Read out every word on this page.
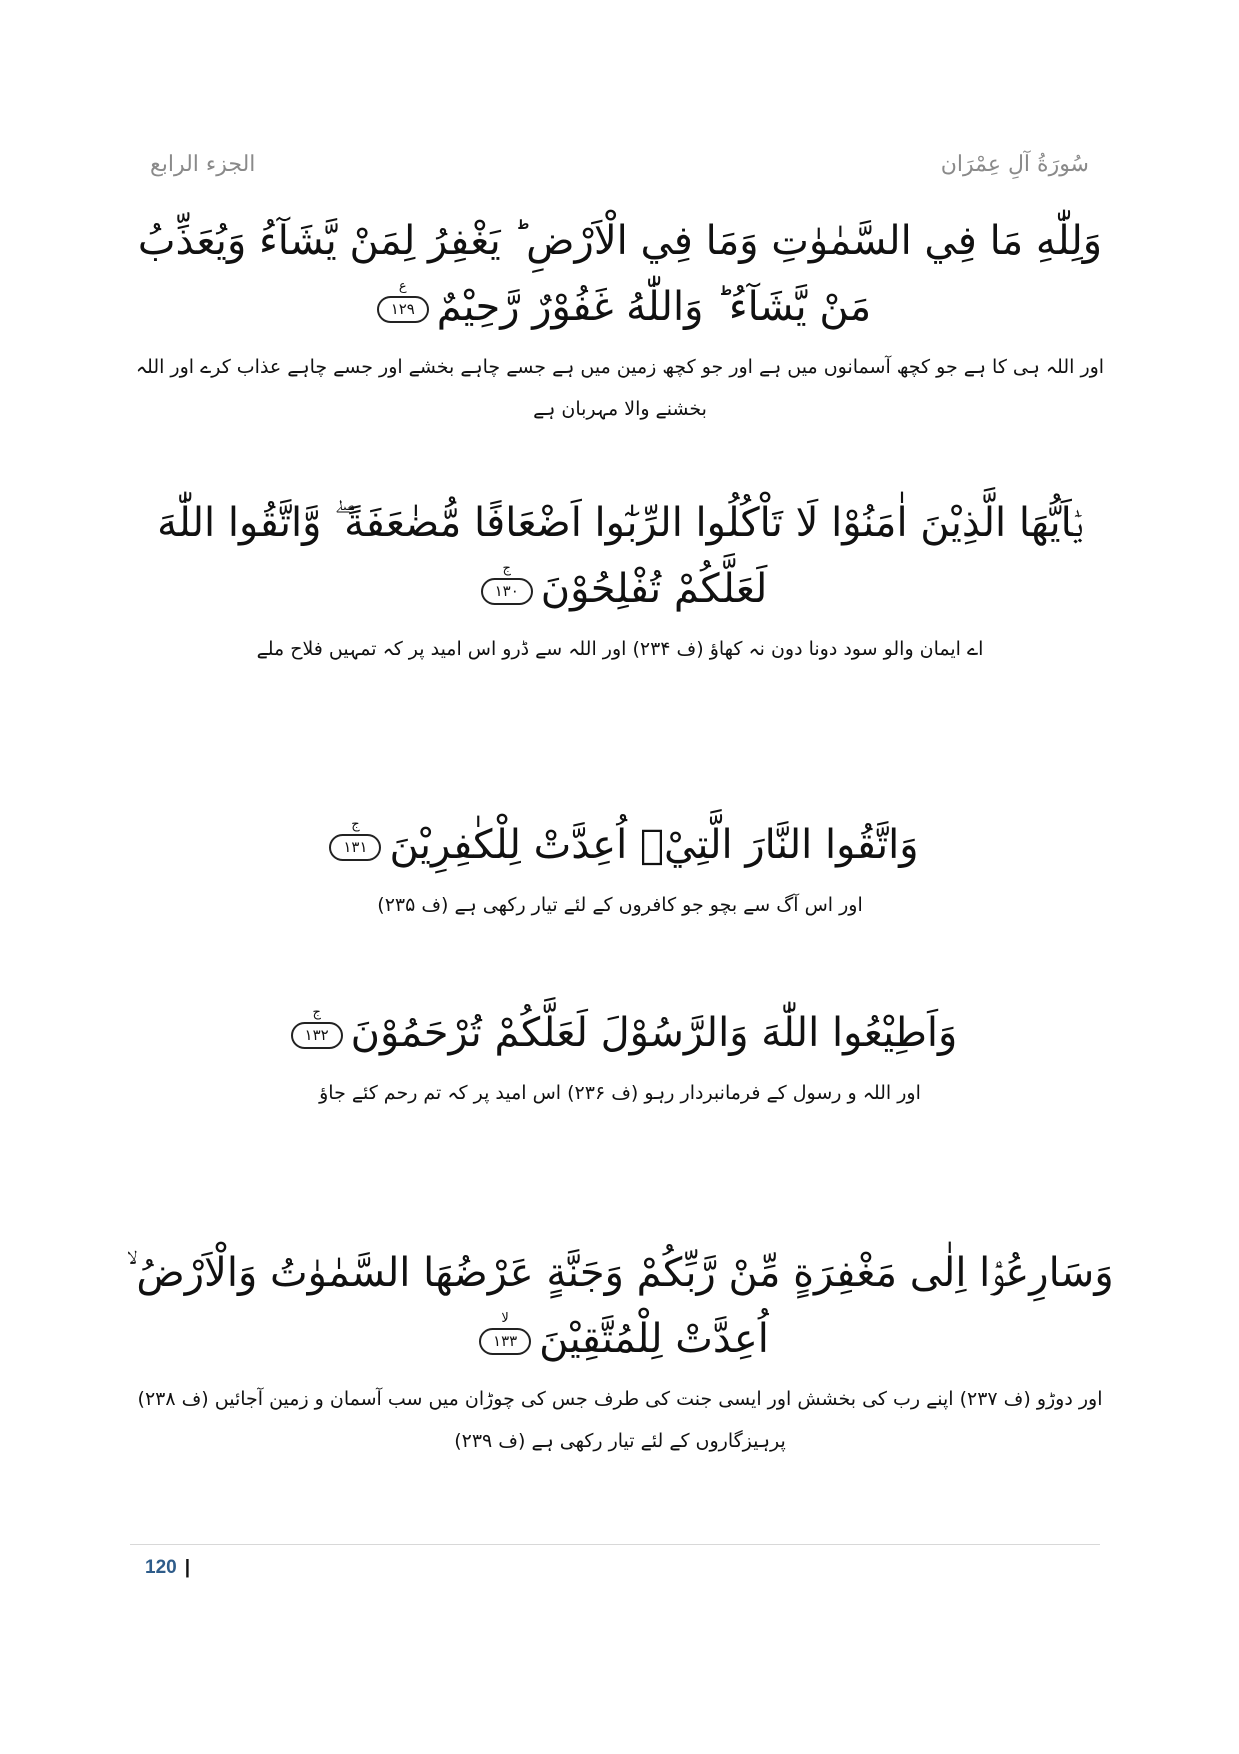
سُورَةُ آلِ عِمْرَان
الجزء الرابع
وَلِلّٰهِ مَا فِي السَّمٰوٰتِ وَمَا فِي الْاَرْضِ ؕ يَغْفِرُ لِمَنْ يَّشَآءُ وَيُعَذِّبُ مَنْ يَّشَآءُ ؕ وَاللّٰهُ غَفُوْرٌ رَّحِيْمٌ
ع
١٢٩
اور اللہ ہی کا ہے جو کچھ آسمانوں میں ہے اور جو کچھ زمین میں ہے جسے چاہے بخشے اور جسے چاہے عذاب کرے اور اللہ بخشنے والا مہربان ہے
يٰۤاَيُّهَا الَّذِيْنَ اٰمَنُوْا لَا تَاْكُلُوا الرِّبٰٓوا اَضْعَافًا مُّضٰعَفَةً ۖ وَّاتَّقُوا اللّٰهَ لَعَلَّكُمْ تُفْلِحُوْنَ
ج
١٣٠
اے ایمان والو سود دونا دون نہ کھاؤ (ف ۲۳۴) اور اللہ سے ڈرو اس امید پر کہ تمہیں فلاح ملے
وَاتَّقُوا النَّارَ الَّتِيْۤ اُعِدَّتْ لِلْكٰفِرِيْنَ
ج
١٣١
اور اس آگ سے بچو جو کافروں کے لئے تیار رکھی ہے (ف ۲۳۵)
وَاَطِيْعُوا اللّٰهَ وَالرَّسُوْلَ لَعَلَّكُمْ تُرْحَمُوْنَ
ج
١٣٢
اور اللہ و رسول کے فرمانبردار رہو (ف ۲۳۶) اس امید پر کہ تم رحم کئے جاؤ
وَسَارِعُوْۤا اِلٰى مَغْفِرَةٍ مِّنْ رَّبِّكُمْ وَجَنَّةٍ عَرْضُهَا السَّمٰوٰتُ وَالْاَرْضُ ۙ اُعِدَّتْ لِلْمُتَّقِيْنَ
لا
١٣٣
اور دوڑو (ف ۲۳۷) اپنے رب کی بخشش اور ایسی جنت کی طرف جس کی چوڑان میں سب آسمان و زمین آجائیں (ف ۲۳۸) پرہیزگاروں کے لئے تیار رکھی ہے (ف ۲۳۹)
120 |
